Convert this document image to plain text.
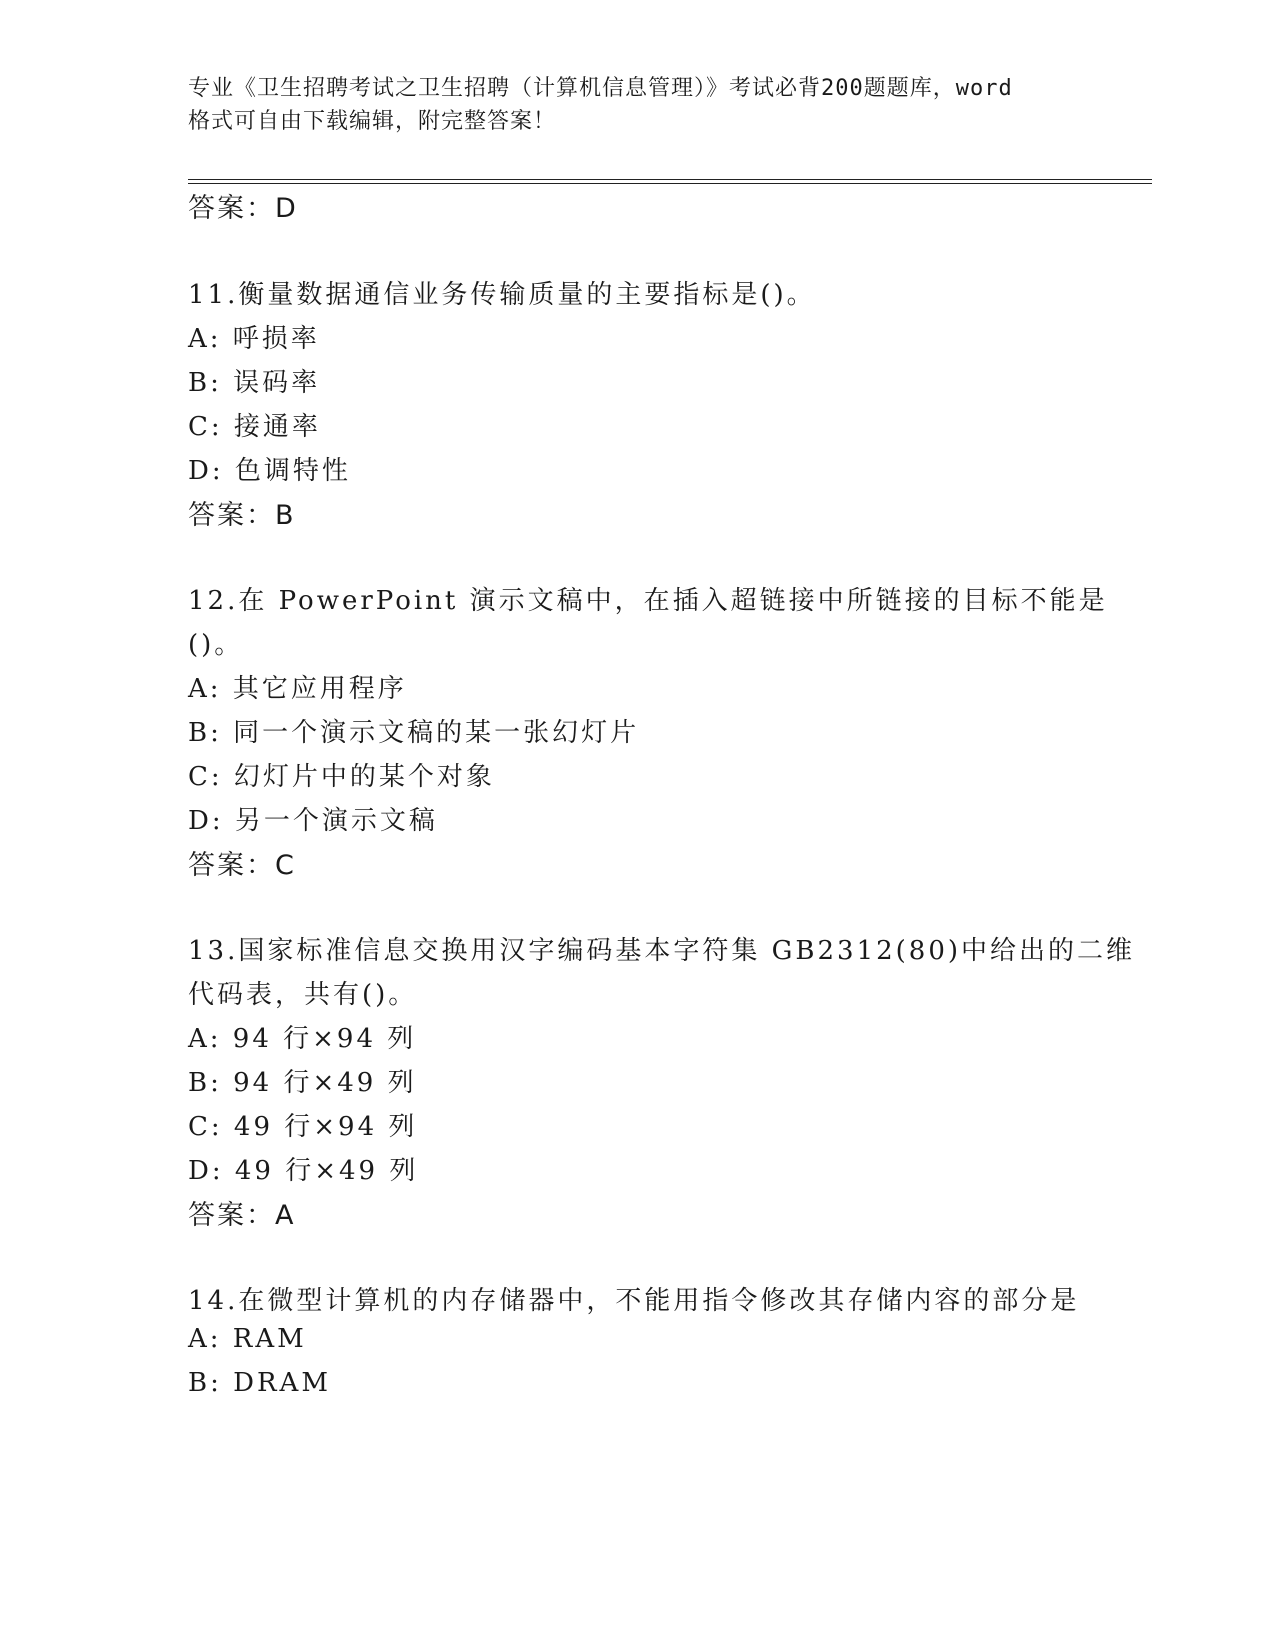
专业《卫生招聘考试之卫生招聘（计算机信息管理）》考试必背200题题库，word
格式可自由下载编辑，附完整答案！
答案：D
11.衡量数据通信业务传输质量的主要指标是()。
A: 呼损率
B: 误码率
C: 接通率
D: 色调特性
答案：B
12.在 PowerPoint 演示文稿中，在插入超链接中所链接的目标不能是
()。
A: 其它应用程序
B: 同一个演示文稿的某一张幻灯片
C: 幻灯片中的某个对象
D: 另一个演示文稿
答案：C
13.国家标准信息交换用汉字编码基本字符集 GB2312(80)中给出的二维
代码表，共有()。
A: 94 行×94 列
B: 94 行×49 列
C: 49 行×94 列
D: 49 行×49 列
答案：A
14.在微型计算机的内存储器中，不能用指令修改其存储内容的部分是
A: RAM
B: DRAM
